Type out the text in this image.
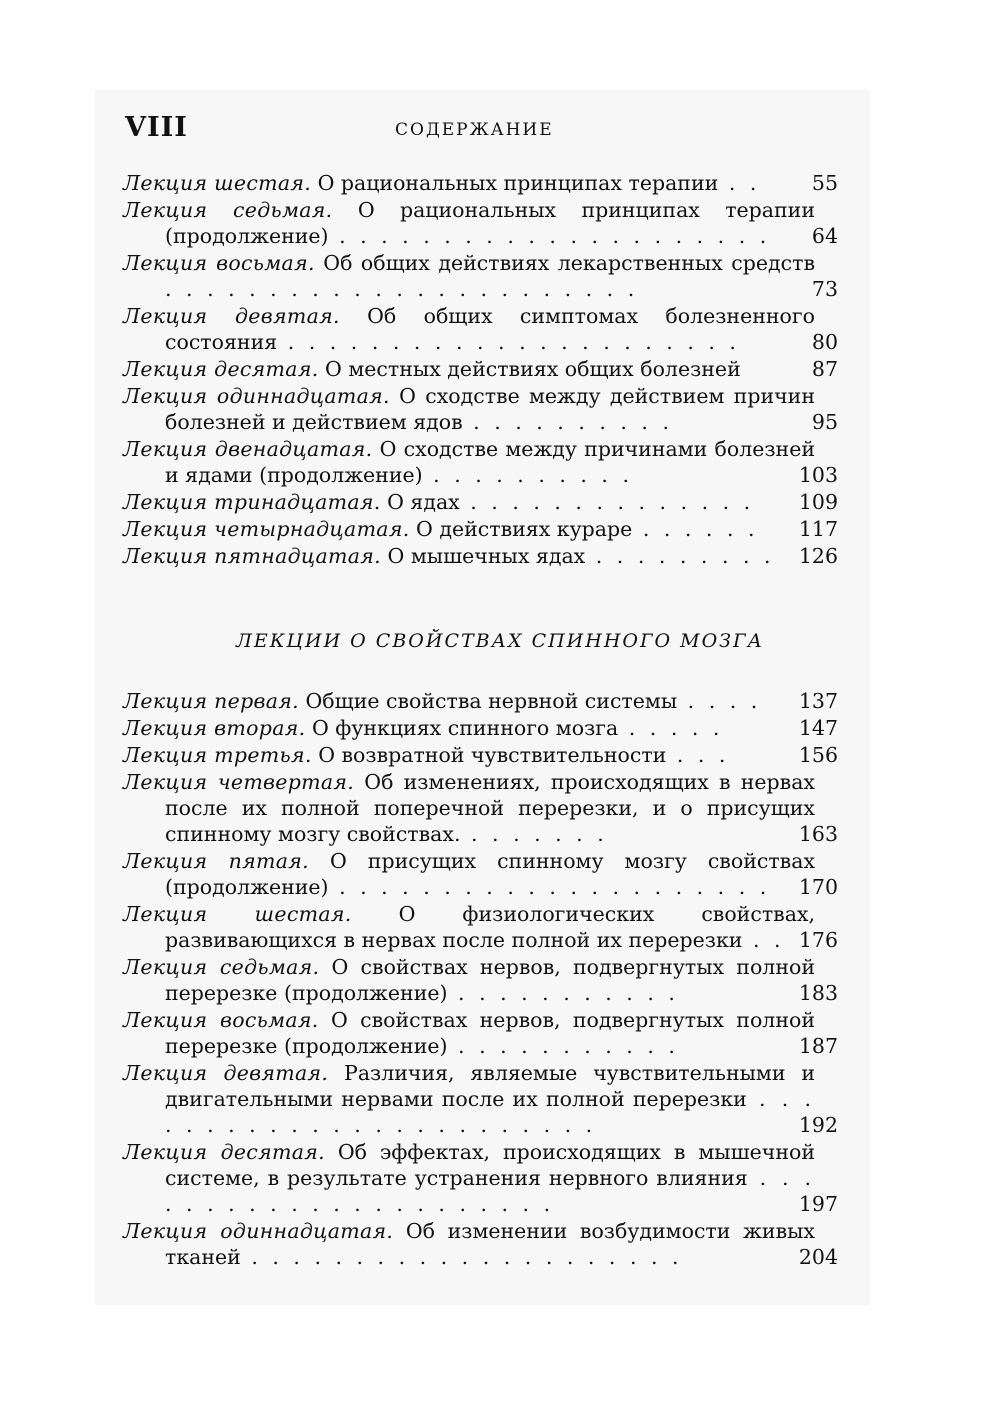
VIII	СОДЕРЖАНИЕ
Лекция шестая. О рациональных принципах терапии . .	55
Лекция седьмая. О рациональных принципах терапии (продолжение) . . . . . . . . . . . . . . . . . . . . .	64
Лекция восьмая. Об общих действиях лекарственных средств . . . . . . . . . . . . . . . . . . . . . . .	73
Лекция девятая. Об общих симптомах болезненного состояния . . . . . . . . . . . . . . . . . . . . . .	80
Лекция десятая. О местных действиях общих болезней	87
Лекция одиннадцатая. О сходстве между действием причин болезней и действием ядов . . . . . . . . . .	95
Лекция двенадцатая. О сходстве между причинами болезней и ядами (продолжение) . . . . . . . . . .	103
Лекция тринадцатая. О ядах . . . . . . . . . . . . . .	109
Лекция четырнадцатая. О действиях кураре . . . . . .	117
Лекция пятнадцатая. О мышечных ядах . . . . . . . . .	126
ЛЕКЦИИ О СВОЙСТВАХ СПИННОГО МОЗГА
Лекция первая. Общие свойства нервной системы . . . .	137
Лекция вторая. О функциях спинного мозга . . . . .	147
Лекция третья. О возвратной чувствительности . . .	156
Лекция четвертая. Об изменениях, происходящих в нервах после их полной поперечной перерезки, и о присущих спинному мозгу свойствах. . . . . . . .	163
Лекция пятая. О присущих спинному мозгу свойствах (продолжение) . . . . . . . . . . . . . . . . . . . . .	170
Лекция шестая. О физиологических свойствах, развивающихся в нервах после полной их перерезки . . 176
Лекция седьмая. О свойствах нервов, подвергнутых полной перерезке (продолжение) . . . . . . . . . . .	183
Лекция восьмая. О свойствах нервов, подвергнутых полной перерезке (продолжение) . . . . . . . . . . .	187
Лекция девятая. Различия, являемые чувствительными и двигательными нервами после их полной перерезки . . . . . . . . . . . . . . . . . . . . . . . .	192
Лекция десятая. Об эффектах, происходящих в мышечной системе, в результате устранения нервного влияния . . . . . . . . . . . . . . . . . . . . . .	197
Лекция одиннадцатая. Об изменении возбудимости живых тканей . . . . . . . . . . . . . . . . . . . . .	204
